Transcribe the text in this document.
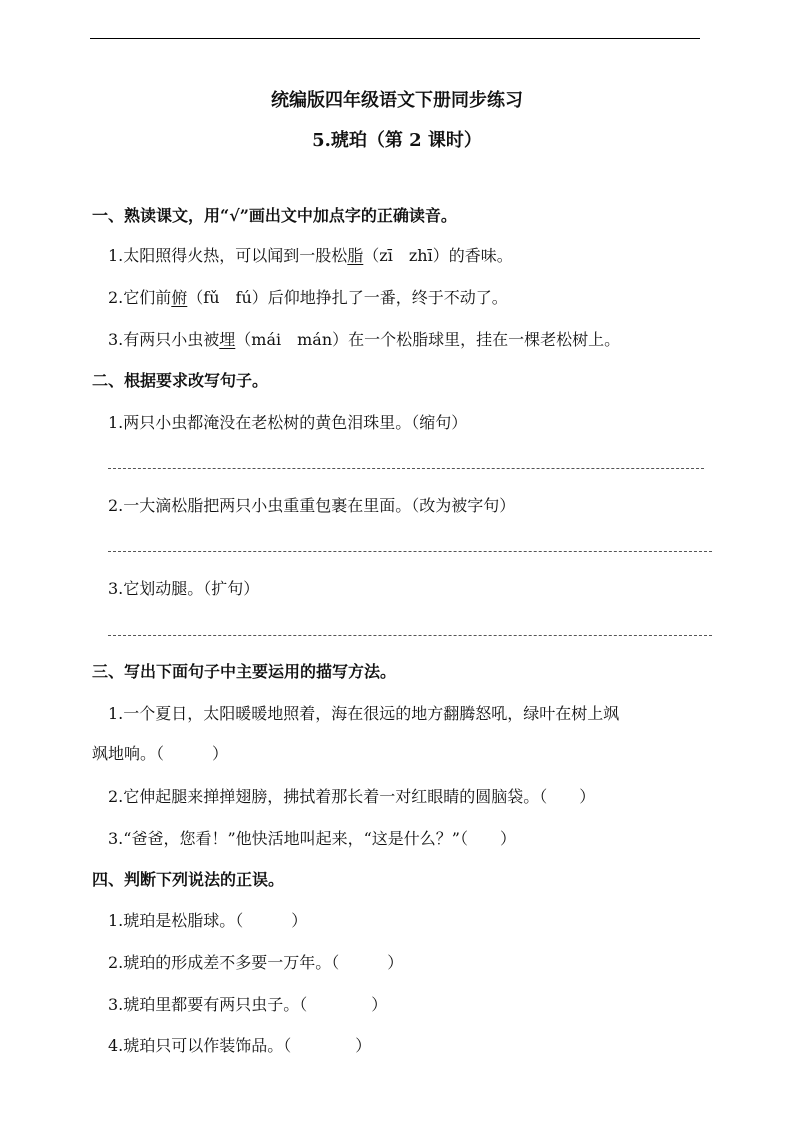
统编版四年级语文下册同步练习
5.琥珀（第 2 课时）
一、熟读课文，用“√”画出文中加点字的正确读音。
1.太阳照得火热，可以闻到一股松脂（zī　zhī）的香味。
2.它们前俯（fǔ　fú）后仰地挣扎了一番，终于不动了。
3.有两只小虫被埋（mái　mán）在一个松脂球里，挂在一棵老松树上。
二、根据要求改写句子。
1.两只小虫都淹没在老松树的黄色泪珠里。（缩句）
2.一大滴松脂把两只小虫重重包裹在里面。（改为被字句）
3.它划动腿。（扩句）
三、写出下面句子中主要运用的描写方法。
1.一个夏日，太阳暖暖地照着，海在很远的地方翻腾怒吼，绿叶在树上飒
飒地响。（　　　）
2.它伸起腿来掸掸翅膀，拂拭着那长着一对红眼睛的圆脑袋。（　　）
3.“爸爸，您看！”他快活地叫起来，“这是什么？”（　　）
四、判断下列说法的正误。
1.琥珀是松脂球。（　　　）
2.琥珀的形成差不多要一万年。（　　　）
3.琥珀里都要有两只虫子。（　　　　）
4.琥珀只可以作装饰品。（　　　　）
